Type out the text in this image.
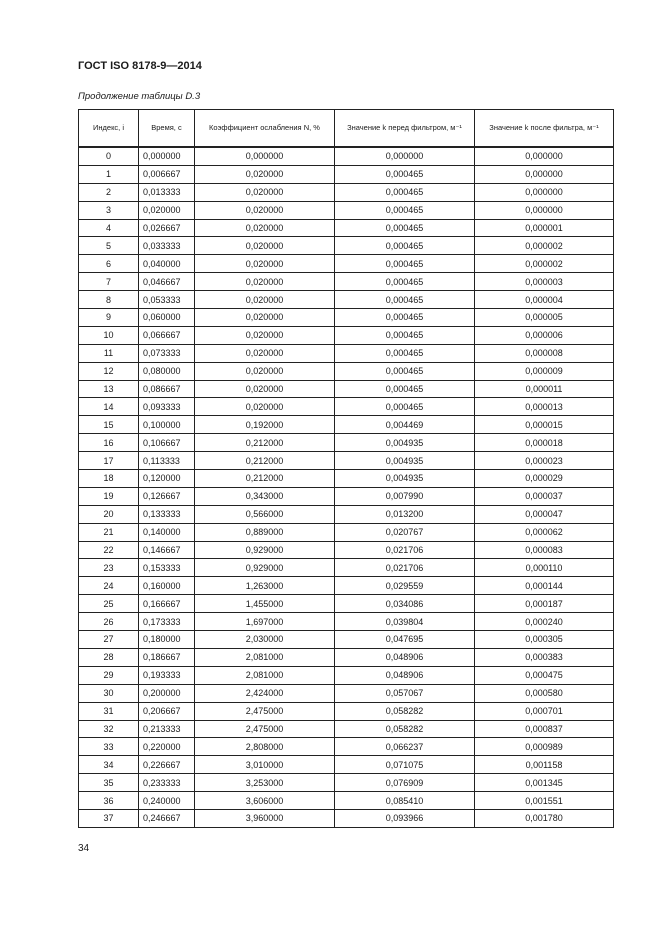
ГОСТ ISO 8178-9—2014
Продолжение таблицы D.3
Индекс, i	Время, с	Коэффициент ослабления N, %	Значение k перед фильтром, м⁻¹	Значение k после фильтра, м⁻¹
0	0,000000	0,000000	0,000000	0,000000
1	0,006667	0,020000	0,000465	0,000000
2	0,013333	0,020000	0,000465	0,000000
3	0,020000	0,020000	0,000465	0,000000
4	0,026667	0,020000	0,000465	0,000001
5	0,033333	0,020000	0,000465	0,000002
6	0,040000	0,020000	0,000465	0,000002
7	0,046667	0,020000	0,000465	0,000003
8	0,053333	0,020000	0,000465	0,000004
9	0,060000	0,020000	0,000465	0,000005
10	0,066667	0,020000	0,000465	0,000006
11	0,073333	0,020000	0,000465	0,000008
12	0,080000	0,020000	0,000465	0,000009
13	0,086667	0,020000	0,000465	0,000011
14	0,093333	0,020000	0,000465	0,000013
15	0,100000	0,192000	0,004469	0,000015
16	0,106667	0,212000	0,004935	0,000018
17	0,113333	0,212000	0,004935	0,000023
18	0,120000	0,212000	0,004935	0,000029
19	0,126667	0,343000	0,007990	0,000037
20	0,133333	0,566000	0,013200	0,000047
21	0,140000	0,889000	0,020767	0,000062
22	0,146667	0,929000	0,021706	0,000083
23	0,153333	0,929000	0,021706	0,000110
24	0,160000	1,263000	0,029559	0,000144
25	0,166667	1,455000	0,034086	0,000187
26	0,173333	1,697000	0,039804	0,000240
27	0,180000	2,030000	0,047695	0,000305
28	0,186667	2,081000	0,048906	0,000383
29	0,193333	2,081000	0,048906	0,000475
30	0,200000	2,424000	0,057067	0,000580
31	0,206667	2,475000	0,058282	0,000701
32	0,213333	2,475000	0,058282	0,000837
33	0,220000	2,808000	0,066237	0,000989
34	0,226667	3,010000	0,071075	0,001158
35	0,233333	3,253000	0,076909	0,001345
36	0,240000	3,606000	0,085410	0,001551
37	0,246667	3,960000	0,093966	0,001780
34
